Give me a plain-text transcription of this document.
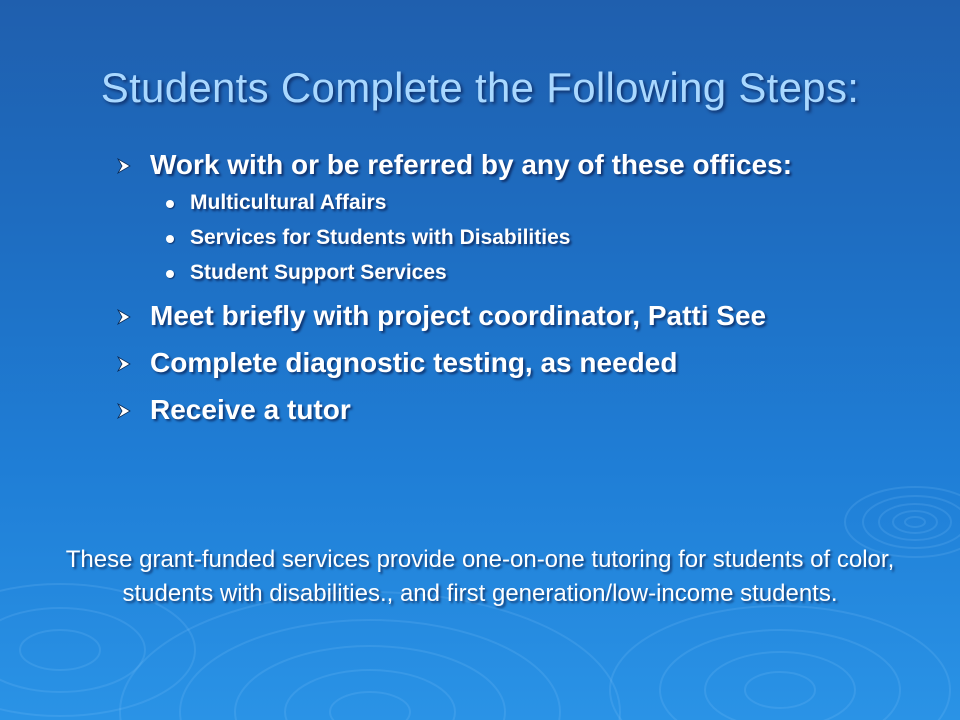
Students Complete the Following Steps:
Work with or be referred by any of these offices:
Multicultural Affairs
Services for Students with Disabilities
Student Support Services
Meet briefly with project coordinator, Patti See
Complete diagnostic testing, as needed
Receive a tutor
These grant-funded services provide one-on-one tutoring for students of color, students with disabilities., and first generation/low-income students.
